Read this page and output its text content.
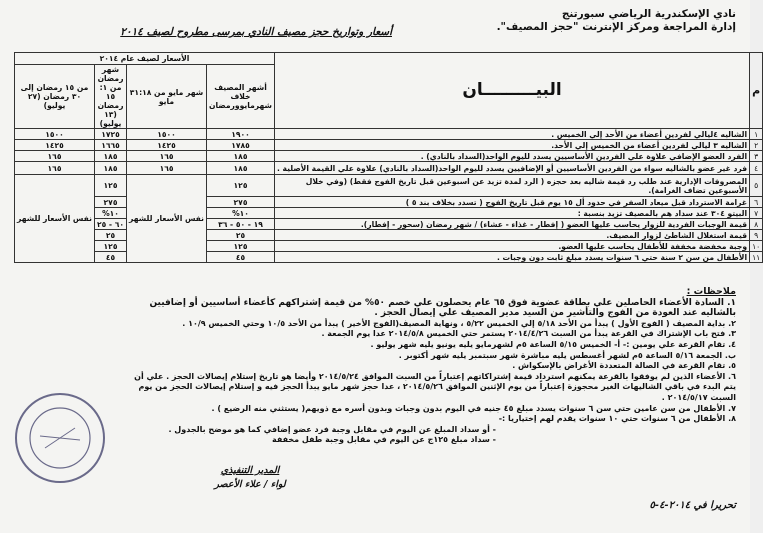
نادي الإسكندرية الرياضي سبورتنج
إدارة المراجعة ومركز الإنترنت "حجز المصيف".
أسعار وتواريخ حجز مصيف النادي بمرسى مطروح لصيف ٢٠١٤
م	البيـــــــــان	الأسعار لصيف عام ٢٠١٤			
		أشهر المصيف خلاف شهرمايوورمضان	شهر مايو من ٣١:١٨ مايو	شهر رمضان من ١: ١٥ رمضان (١٣ يوليو)	من ١٥ رمضان إلى ٣٠ رمضان (٢٧ يوليو)
١	الشاليه ٤ليالي لفردين أعضاء من الأحد إلي الخميس .	١٩٠٠	١٥٠٠	١٧٢٥	١٥٠٠
٢	الشاليه ٣ ليالي لفردين أعضاء من الخميس إلي الأحد.	١٧٨٥	١٤٢٥	١٦٦٥	١٤٢٥
٣	الفرد العضو الإضافي علاوة علي الفردين الأساسيين يسدد لليوم الواحد(السداد بالنادي) .	١٨٥	١٦٥	١٨٥	١٦٥
٤	فرد غير عضو بالشاليه سواء من الفردين الأساسيين أو الإضافيين يسدد لليوم الواحد(السداد بالنادي) علاوة علي القيمة الأصلية .	١٨٥	١٦٥	١٨٥	١٦٥
٥	المصروفات الإدارية عند طلب رد قيمة شاليه بعد حجزه ( الرد لمدة تزيد عن اسبوعين قبل تاريخ الفوج فقط) (وفي خلال الأسبوعين تضاف الغرامة).	١٢٥	نفس الأسعار للشهر	١٢٥	نفس الأسعار للشهر
٦	غرامة الاسترداد قبل ميعاد السفر في حدود أل ١٥ يوم قبل تاريخ الفوج ( تسدد بخلاف بند ٥ )	٢٧٥		٢٧٥	
٧	البيتو ٣٠٤ عند سداد هم بالمصيف تزيد بنسبة :	١٠%		١٠%	
٨	قيمة الوجبات الفردية للزوار يحاسب عليها العضو ( إفطار - غذاء - عشاء) / شهر رمضان (سحور - إفطار).	١٩ - ٥٠ - ٣٦		٦٠ - ٢٥	
٩	قيمة استغلال الشاطئ لزوار المصيف.	٢٥		٢٥	
١٠	وجبة مخفضة مخففة للأطفال يحاسب عليها العضو.	١٢٥		١٢٥	
١١	الأطفال من سن ٢ سنة حتي ٦ سنوات يسدد مبلغ ثابت دون وجبات .	٤٥		٤٥	
ملاحظات :
١. السادة الأعضاء الحاصلين علي بطاقة عضوية فوق ٦٥ عام يحصلون علي خصم ٥٠% من قيمة إشتراكهم كأعضاء أساسيين أو إضافيين
بالشاليه عند العودة من الفوج والتأشير من السيد مدير المصيف علي إيصال الحجز .
٢. بداية المصيف ( الفوج الأول ) يبدأ من الأحد ٥/١٨ إلي الخميس ٥/٢٢ ، ونهاية المصيف(الفوج الأخير ) يبدأ من الأحد ١٠/٥ وحتي الخميس ١٠/٩ .
٣. فتح باب الإشتراك في القرعة يبدأ من السبت ٢٠١٤/٤/٢٦ يستمر حتي الخميس ٢٠١٤/٥/٨ عدا يوم الجمعة .
٤. تقام القرعة علي يومين :- أ- الخميس ٥/١٥ الساعة ٥م لشهرمايو يليه يونيو يليه شهر يوليو .
ب. الجمعة ٥/١٦ الساعة ٥م لشهر أغسطس يليه مباشرة شهر سبتمبر يليه شهر أكتوبر .
٥. تقام القرعة في الصالة المتعددة الأغراض بالإسكواش .
٦. الأعضاء الذين لم يوفقوا بالقرعة يمكنهم استرداد قيمة إشتراكاتهم إعتباراً من السبت الموافق ٢٠١٤/٥/٢٤ وأيضا هو تاريخ إستلام إيصالات الحجز . علي أن
يتم البدء في باقي الشاليهات الغير محجوزة إعتباراً من يوم الإثنين الموافق ٢٠١٤/٥/٢٦ ، عدا حجز شهر مايو يبدأ الحجز فيه و إستلام إيصالات الحجز من يوم
السبت ٢٠١٤/٥/١٧ .
٧. الأطفال من سن عامين حتي سن ٦ سنوات يسدد مبلغ ٤٥ جنيه في اليوم بدون وجبات وبدون أسره مع ذويهم( يستثني منه الرضيع ) .
٨. الأطفال من ٦ سنوات حتي ١٠ سنوات يقدم لهم إختياريا :-
- أو سداد المبلغ عن اليوم في مقابل وجبة فرد عضو إضافي كما هو موضح بالجدول .
- سداد مبلغ ١٢٥ج عن اليوم في مقابل وجبة طفل مخففة
المدير التنفيذي
لواء / علاء الأعصر
تحريرا في ٢٠١٤-٤-٥
